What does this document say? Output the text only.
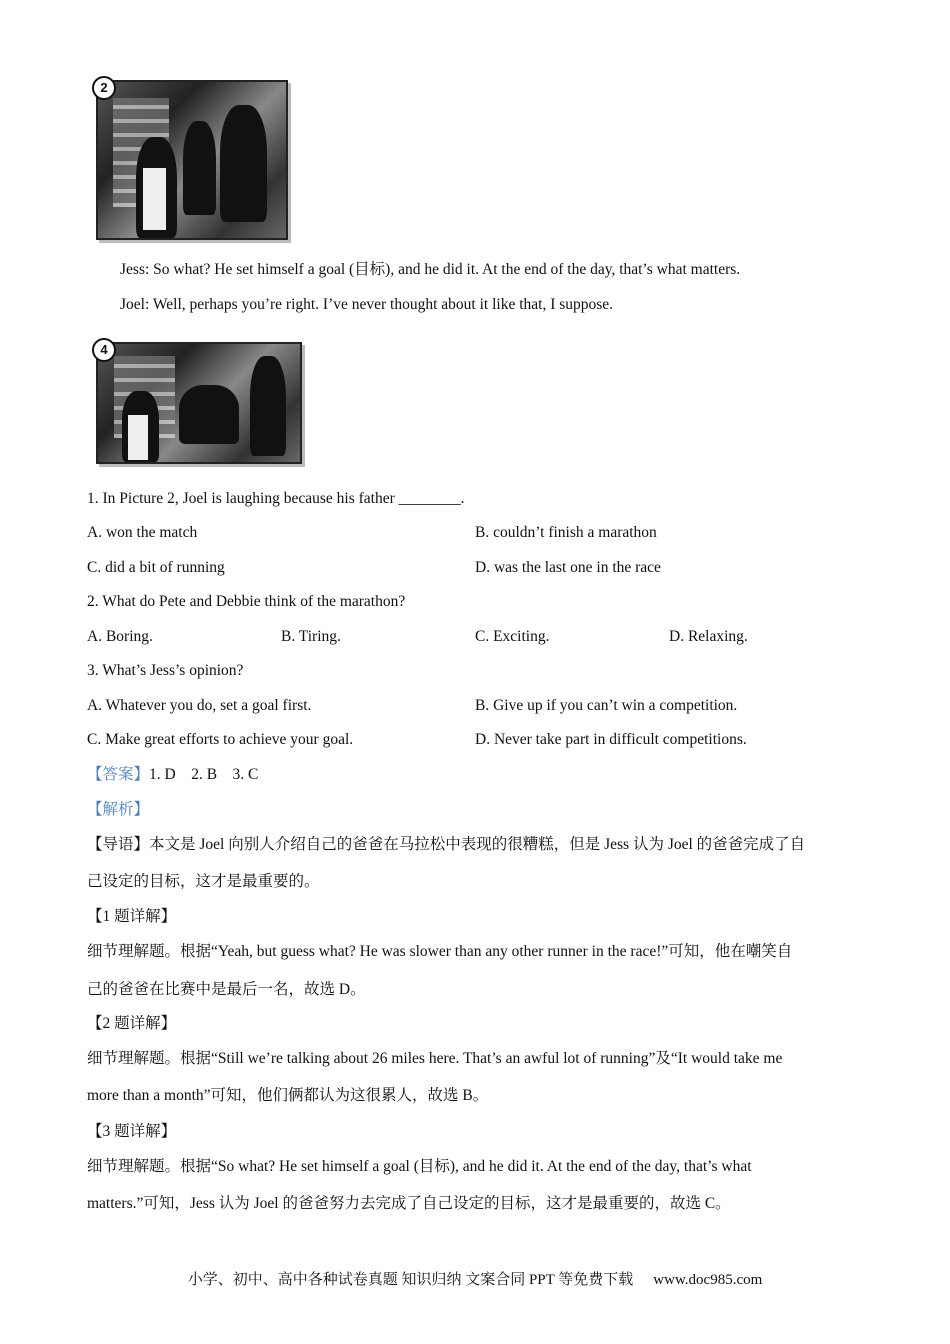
2
Jess: So what? He set himself a goal (目标), and he did it. At the end of the day, that’s what matters.
Joel: Well, perhaps you’re right. I’ve never thought about it like that, I suppose.
4
1. In Picture 2, Joel is laughing because his father ________.
A. won the match	B. couldn’t finish a marathon
C. did a bit of running	D. was the last one in the race
2. What do Pete and Debbie think of the marathon?
A. Boring.	B. Tiring.	C. Exciting.	D. Relaxing.
3. What’s Jess’s opinion?
A. Whatever you do, set a goal first.	B. Give up if you can’t win a competition.
C. Make great efforts to achieve your goal.	D. Never take part in difficult competitions.
【答案】1. D    2. B    3. C
【解析】
【导语】本文是 Joel 向别人介绍自己的爸爸在马拉松中表现的很糟糕，但是 Jess 认为 Joel 的爸爸完成了自
己设定的目标，这才是最重要的。
【1 题详解】
细节理解题。根据“Yeah, but guess what? He was slower than any other runner in the race!”可知，他在嘲笑自
己的爸爸在比赛中是最后一名，故选 D。
【2 题详解】
细节理解题。根据“Still we’re talking about 26 miles here. That’s an awful lot of running”及“It would take me
more than a month”可知，他们俩都认为这很累人，故选 B。
【3 题详解】
细节理解题。根据“So what? He set himself a goal (目标), and he did it. At the end of the day, that’s what
matters.”可知，Jess 认为 Joel 的爸爸努力去完成了自己设定的目标，这才是最重要的，故选 C。
小学、初中、高中各种试卷真题 知识归纳 文案合同 PPT 等免费下载 www.doc985.com
